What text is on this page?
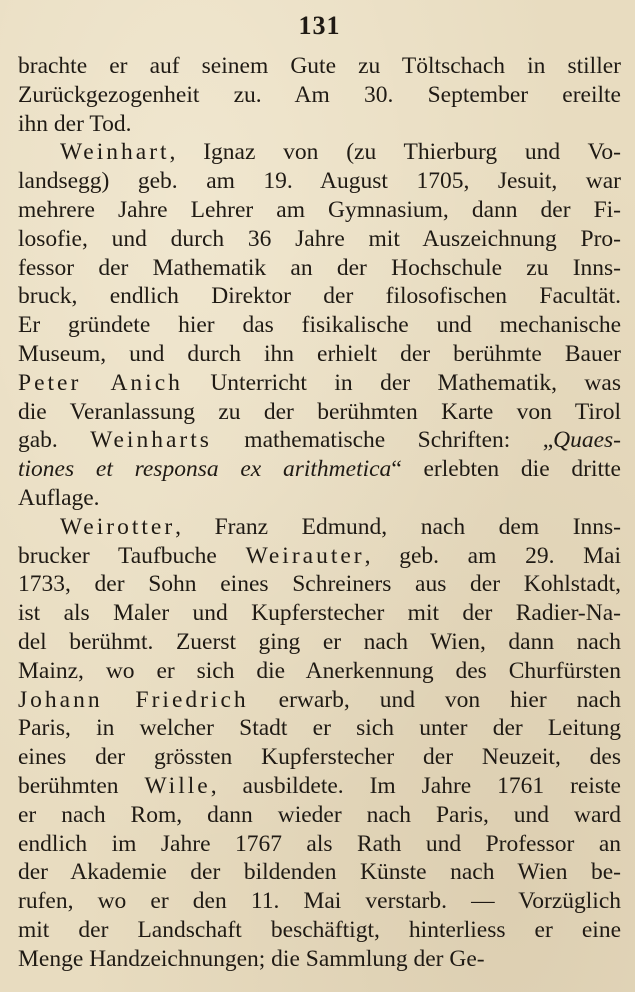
131
brachte er auf seinem Gute zu Töltschach in stiller
Zurückgezogenheit zu. Am 30. September ereilte
ihn der Tod.
Weinhart, Ignaz von (zu Thierburg und Vo-
landsegg) geb. am 19. August 1705, Jesuit, war
mehrere Jahre Lehrer am Gymnasium, dann der Fi-
losofie, und durch 36 Jahre mit Auszeichnung Pro-
fessor der Mathematik an der Hochschule zu Inns-
bruck, endlich Direktor der filosofischen Facultät.
Er gründete hier das fisikalische und mechanische
Museum, und durch ihn erhielt der berühmte Bauer
Peter Anich Unterricht in der Mathematik, was
die Veranlassung zu der berühmten Karte von Tirol
gab. Weinharts mathematische Schriften: „Quaes-
tiones et responsa ex arithmetica“ erlebten die dritte
Auflage.
Weirotter, Franz Edmund, nach dem Inns-
brucker Taufbuche Weirauter, geb. am 29. Mai
1733, der Sohn eines Schreiners aus der Kohlstadt,
ist als Maler und Kupferstecher mit der Radier-Na-
del berühmt. Zuerst ging er nach Wien, dann nach
Mainz, wo er sich die Anerkennung des Churfürsten
Johann Friedrich erwarb, und von hier nach
Paris, in welcher Stadt er sich unter der Leitung
eines der grössten Kupferstecher der Neuzeit, des
berühmten Wille, ausbildete. Im Jahre 1761 reiste
er nach Rom, dann wieder nach Paris, und ward
endlich im Jahre 1767 als Rath und Professor an
der Akademie der bildenden Künste nach Wien be-
rufen, wo er den 11. Mai verstarb. — Vorzüglich
mit der Landschaft beschäftigt, hinterliess er eine
Menge Handzeichnungen; die Sammlung der Ge-
